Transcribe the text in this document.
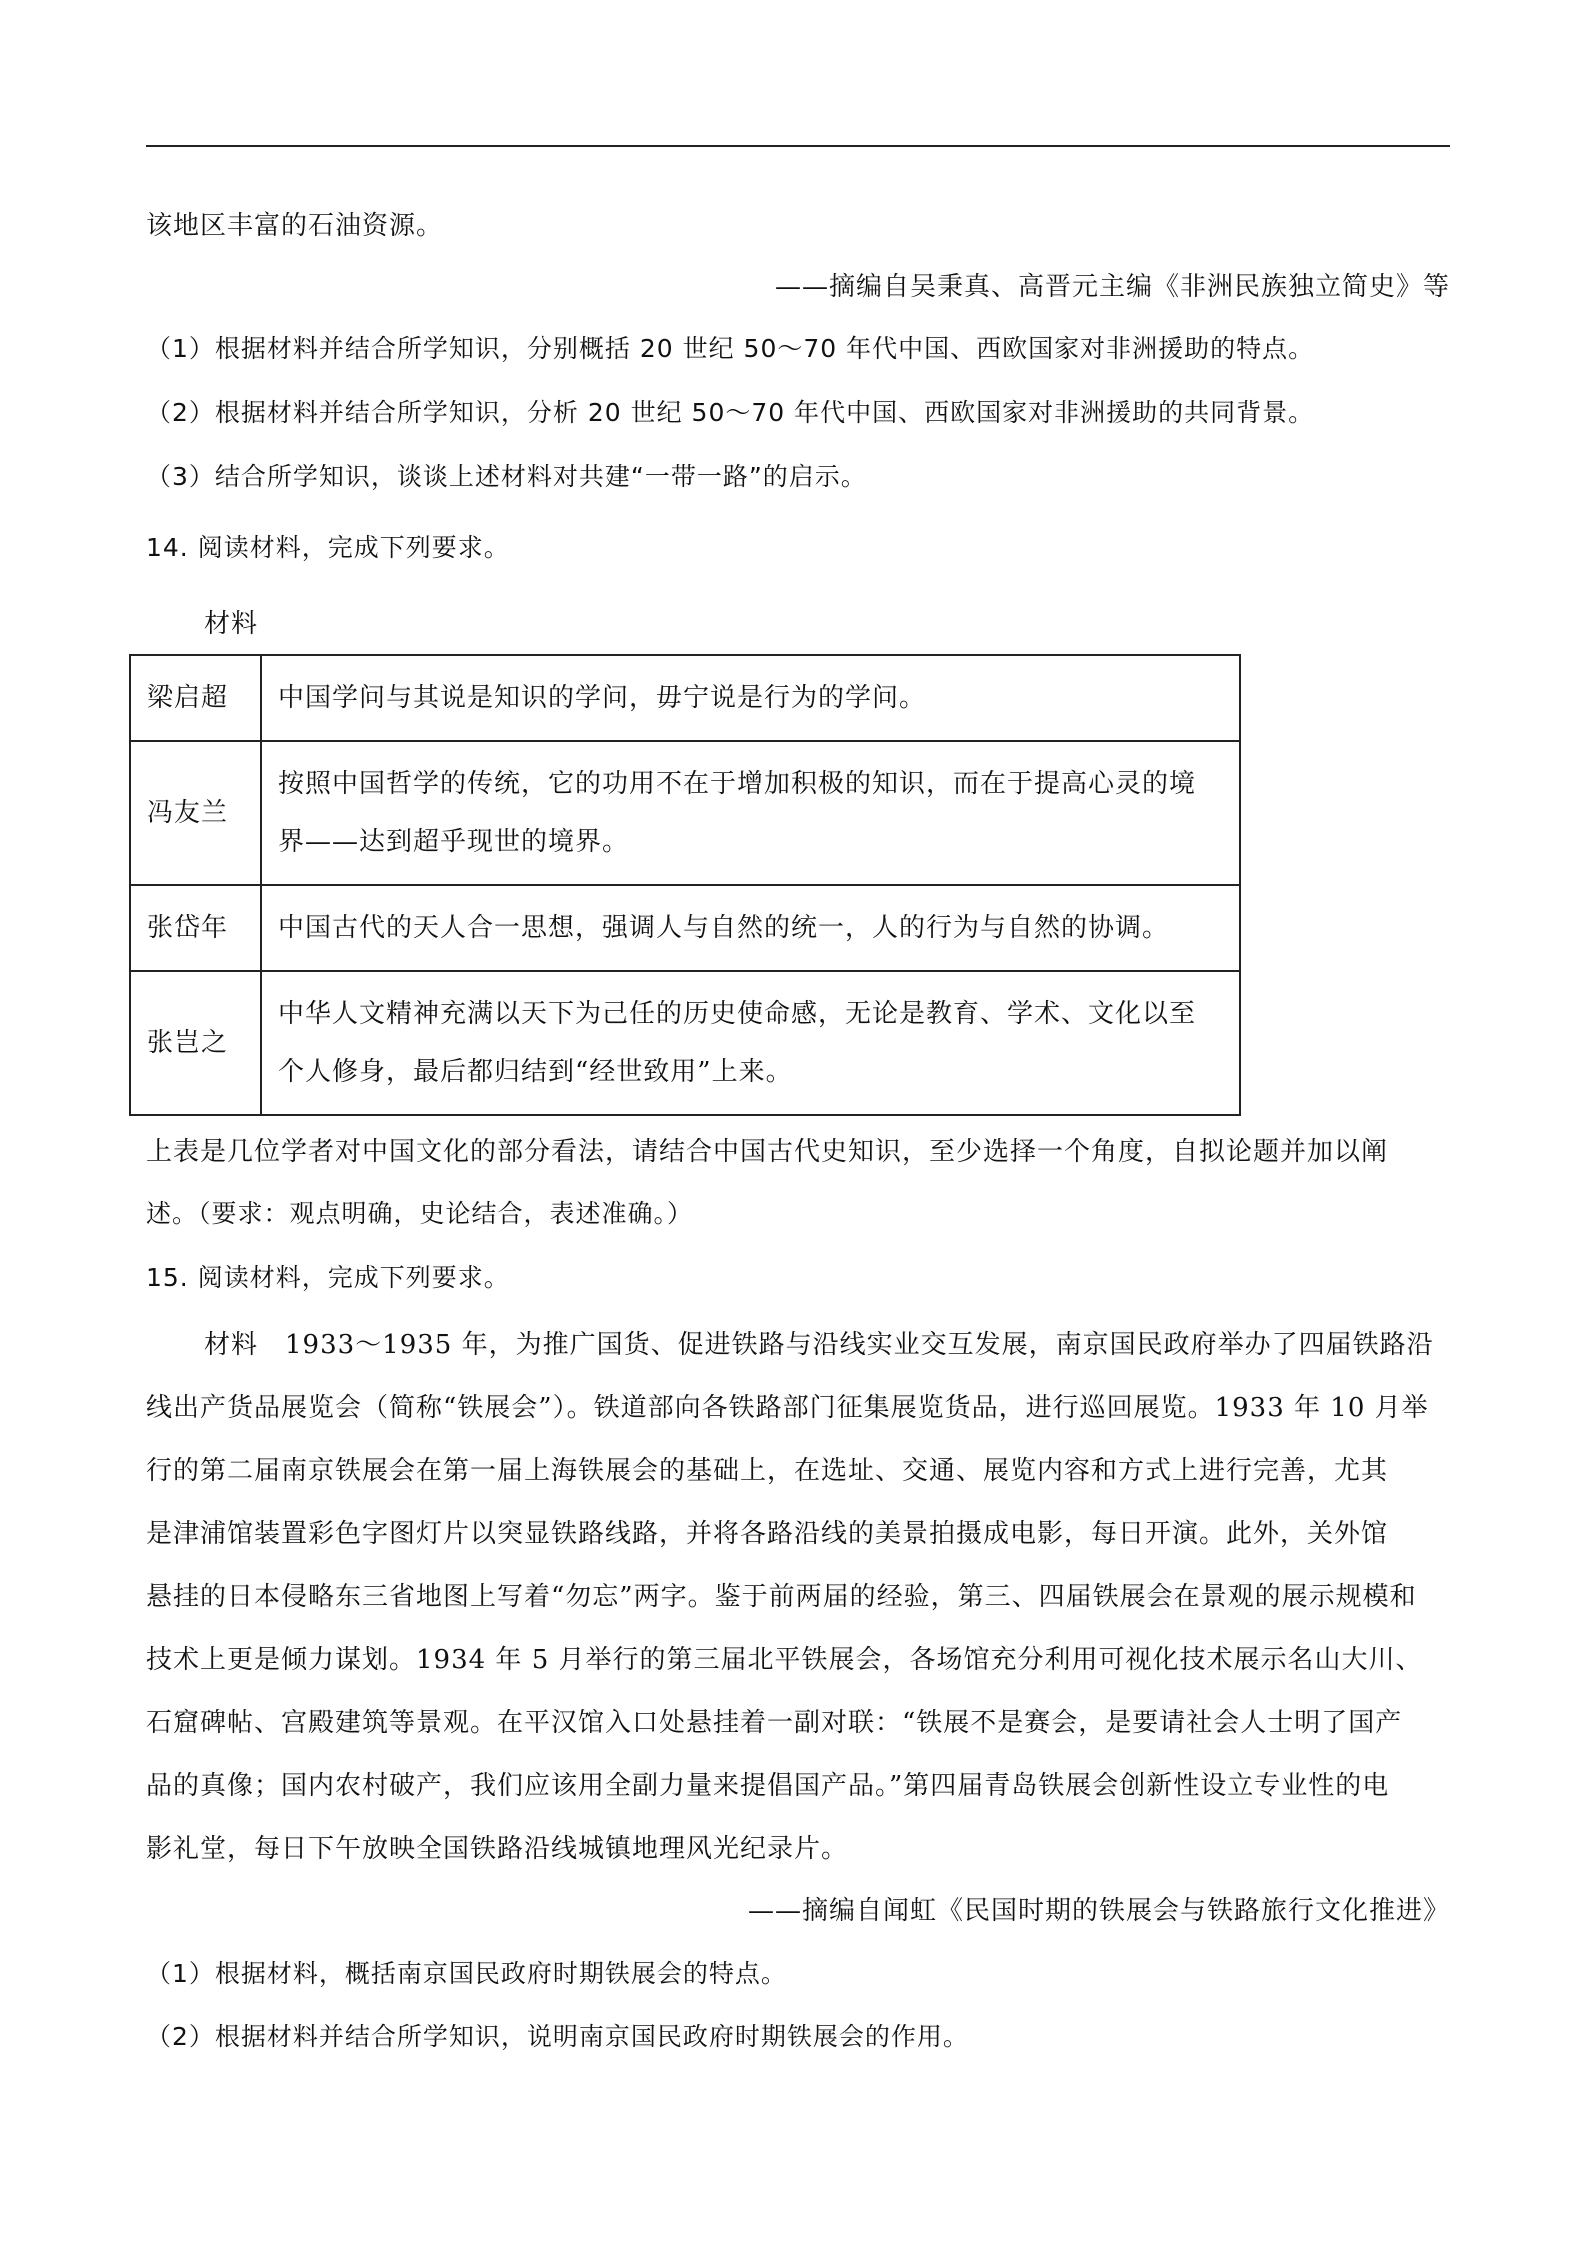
该地区丰富的石油资源。
——摘编自吴秉真、高晋元主编《非洲民族独立简史》等
（1）根据材料并结合所学知识，分别概括 20 世纪 50～70 年代中国、西欧国家对非洲援助的特点。
（2）根据材料并结合所学知识，分析 20 世纪 50～70 年代中国、西欧国家对非洲援助的共同背景。
（3）结合所学知识，谈谈上述材料对共建“一带一路”的启示。
14. 阅读材料，完成下列要求。
材料
梁启超	中国学问与其说是知识的学问，毋宁说是行为的学问。

冯友兰	按照中国哲学的传统，它的功用不在于增加积极的知识，而在于提高心灵的境
界——达到超乎现世的境界。

张岱年	中国古代的天人合一思想，强调人与自然的统一，人的行为与自然的协调。

张岂之	中华人文精神充满以天下为己任的历史使命感，无论是教育、学术、文化以至
个人修身，最后都归结到“经世致用”上来。
上表是几位学者对中国文化的部分看法，请结合中国古代史知识，至少选择一个角度，自拟论题并加以阐
述。（要求：观点明确，史论结合，表述准确。）
15. 阅读材料，完成下列要求。
材料　1933～1935 年，为推广国货、促进铁路与沿线实业交互发展，南京国民政府举办了四届铁路沿
线出产货品展览会（简称“铁展会”）。铁道部向各铁路部门征集展览货品，进行巡回展览。1933 年 10 月举
行的第二届南京铁展会在第一届上海铁展会的基础上，在选址、交通、展览内容和方式上进行完善，尤其
是津浦馆装置彩色字图灯片以突显铁路线路，并将各路沿线的美景拍摄成电影，每日开演。此外，关外馆
悬挂的日本侵略东三省地图上写着“勿忘”两字。鉴于前两届的经验，第三、四届铁展会在景观的展示规模和
技术上更是倾力谋划。1934 年 5 月举行的第三届北平铁展会，各场馆充分利用可视化技术展示名山大川、
石窟碑帖、宫殿建筑等景观。在平汉馆入口处悬挂着一副对联：“铁展不是赛会，是要请社会人士明了国产
品的真像；国内农村破产，我们应该用全副力量来提倡国产品。”第四届青岛铁展会创新性设立专业性的电
影礼堂，每日下午放映全国铁路沿线城镇地理风光纪录片。
——摘编自闻虹《民国时期的铁展会与铁路旅行文化推进》
（1）根据材料，概括南京国民政府时期铁展会的特点。
（2）根据材料并结合所学知识，说明南京国民政府时期铁展会的作用。
